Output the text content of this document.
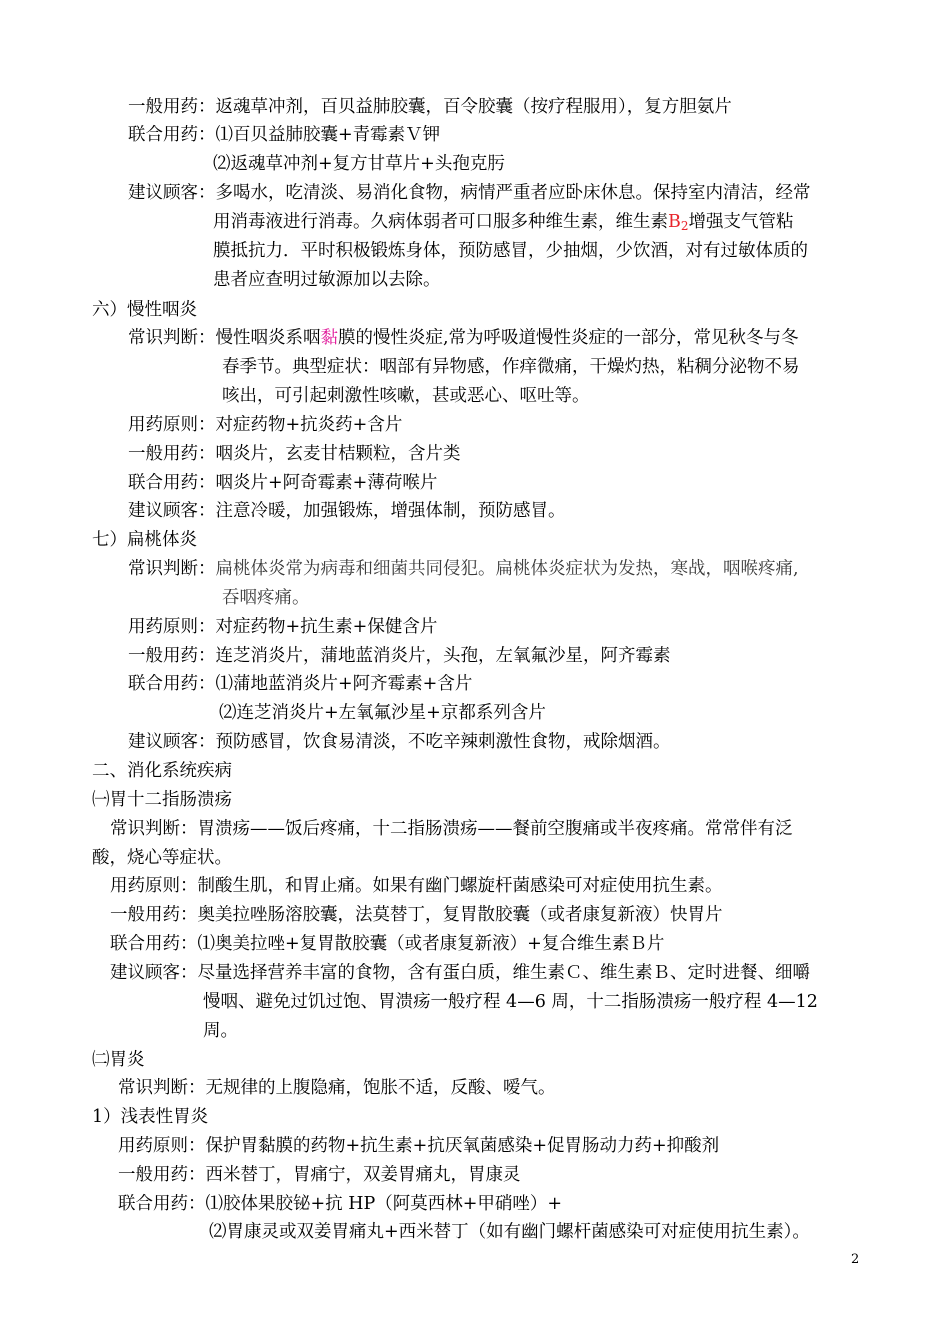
一般用药：返魂草冲剂，百贝益肺胶囊，百令胶囊（按疗程服用），复方胆氨片
联合用药：⑴百贝益肺胶囊+青霉素Ｖ钾
⑵返魂草冲剂+复方甘草片+头孢克肟
建议顾客：多喝水，吃清淡、易消化食物，病情严重者应卧床休息。保持室内清洁，经常
用消毒液进行消毒。久病体弱者可口服多种维生素，维生素$B_2$增强支气管粘
膜抵抗力．平时积极锻炼身体，预防感冒，少抽烟，少饮酒，对有过敏体质的
患者应查明过敏源加以去除。
六）慢性咽炎
常识判断：慢性咽炎系咽黏膜的慢性炎症,常为呼吸道慢性炎症的一部分，常见秋冬与冬
春季节。典型症状：咽部有异物感，作痒微痛，干燥灼热，粘稠分泌物不易
咳出，可引起刺激性咳嗽，甚或恶心、呕吐等。
用药原则：对症药物+抗炎药+含片
一般用药：咽炎片，玄麦甘桔颗粒，含片类
联合用药：咽炎片+阿奇霉素+薄荷喉片
建议顾客：注意冷暖，加强锻炼，增强体制，预防感冒。
七）扁桃体炎
常识判断：扁桃体炎常为病毒和细菌共同侵犯。扁桃体炎症状为发热，寒战，咽喉疼痛,
吞咽疼痛。
用药原则：对症药物+抗生素+保健含片
一般用药：连芝消炎片，蒲地蓝消炎片，头孢，左氧氟沙星，阿齐霉素
联合用药：⑴蒲地蓝消炎片+阿齐霉素+含片
⑵连芝消炎片+左氧氟沙星+京都系列含片
建议顾客：预防感冒，饮食易清淡，不吃辛辣刺激性食物，戒除烟酒。
二、消化系统疾病
㈠胃十二指肠溃疡
常识判断：胃溃疡——饭后疼痛，十二指肠溃疡——餐前空腹痛或半夜疼痛。常常伴有泛
酸，烧心等症状。
用药原则：制酸生肌，和胃止痛。如果有幽门螺旋杆菌感染可对症使用抗生素。
一般用药：奥美拉唑肠溶胶囊，法莫替丁，复胃散胶囊（或者康复新液）快胃片
联合用药：⑴奥美拉唑+复胃散胶囊（或者康复新液）+复合维生素Ｂ片
建议顾客：尽量选择营养丰富的食物，含有蛋白质，维生素Ｃ、维生素Ｂ、定时进餐、细嚼
慢咽、避免过饥过饱、胃溃疡一般疗程 4—6 周，十二指肠溃疡一般疗程 4—12
周。
㈡胃炎
常识判断：无规律的上腹隐痛，饱胀不适，反酸、嗳气。
1）浅表性胃炎
用药原则：保护胃黏膜的药物+抗生素+抗厌氧菌感染+促胃肠动力药+抑酸剂
一般用药：西米替丁，胃痛宁，双姜胃痛丸，胃康灵
联合用药：⑴胶体果胶铋+抗 HP（阿莫西林+甲硝唑）+
⑵胃康灵或双姜胃痛丸+西米替丁（如有幽门螺杆菌感染可对症使用抗生素）。
2
